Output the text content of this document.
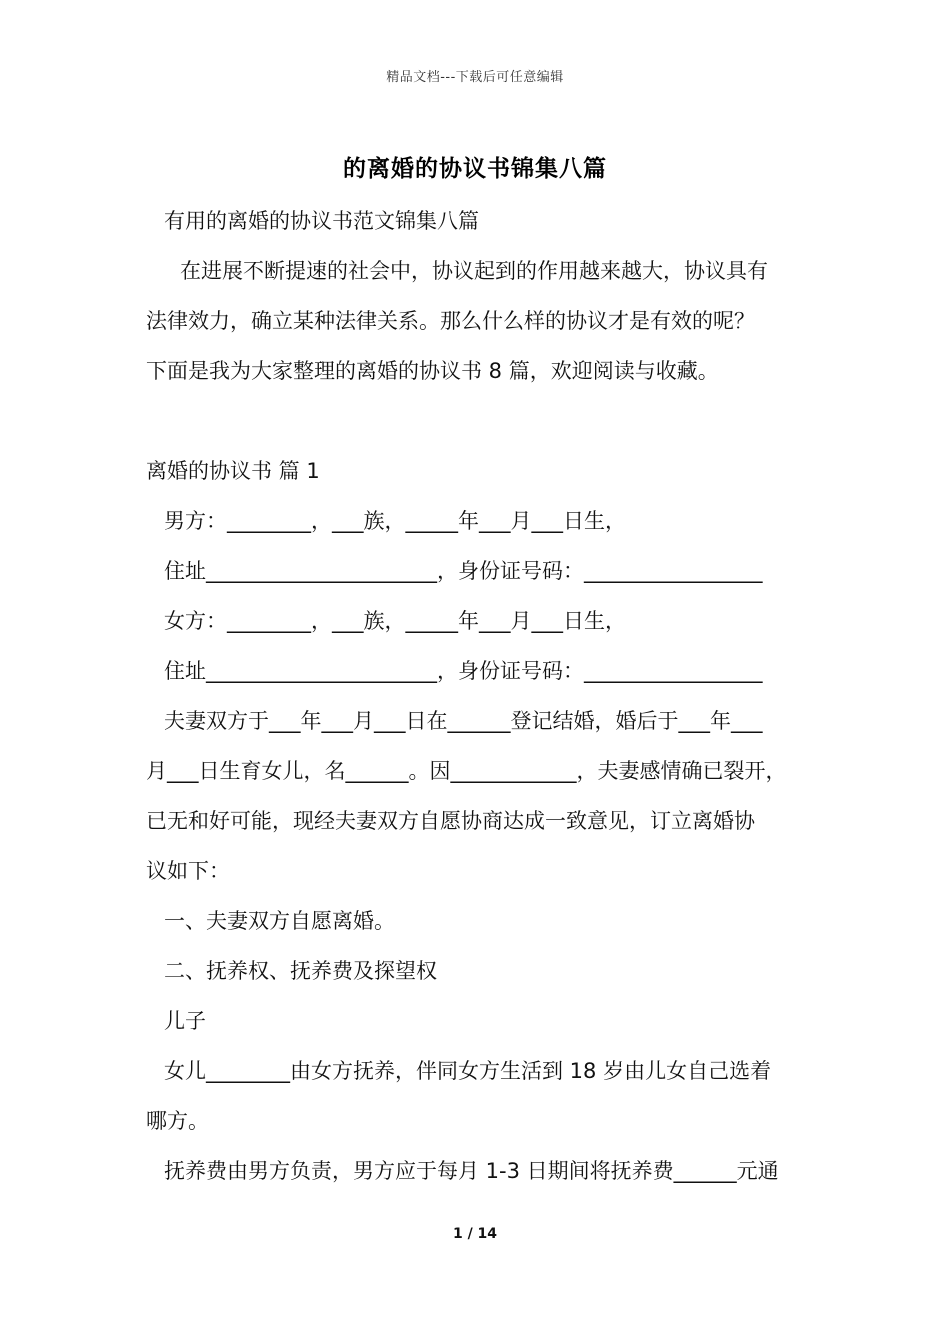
精品文档---下载后可任意编辑
的离婚的协议书锦集八篇
有用的离婚的协议书范文锦集八篇
在进展不断提速的社会中，协议起到的作用越来越大，协议具有
法律效力，确立某种法律关系。那么什么样的协议才是有效的呢？
下面是我为大家整理的离婚的协议书 8 篇，欢迎阅读与收藏。
离婚的协议书 篇 1
男方：________，___族，_____年___月___日生，
住址______________________，身份证号码：_________________
女方：________，___族，_____年___月___日生，
住址______________________，身份证号码：_________________
夫妻双方于___年___月___日在______登记结婚，婚后于___年___
月___日生育女儿，名______。因____________，夫妻感情确已裂开，
已无和好可能，现经夫妻双方自愿协商达成一致意见，订立离婚协
议如下：
一、夫妻双方自愿离婚。
二、抚养权、抚养费及探望权
儿子
女儿________由女方抚养，伴同女方生活到 18 岁由儿女自己选着
哪方。
抚养费由男方负责，男方应于每月 1-3 日期间将抚养费______元通
1 / 14
